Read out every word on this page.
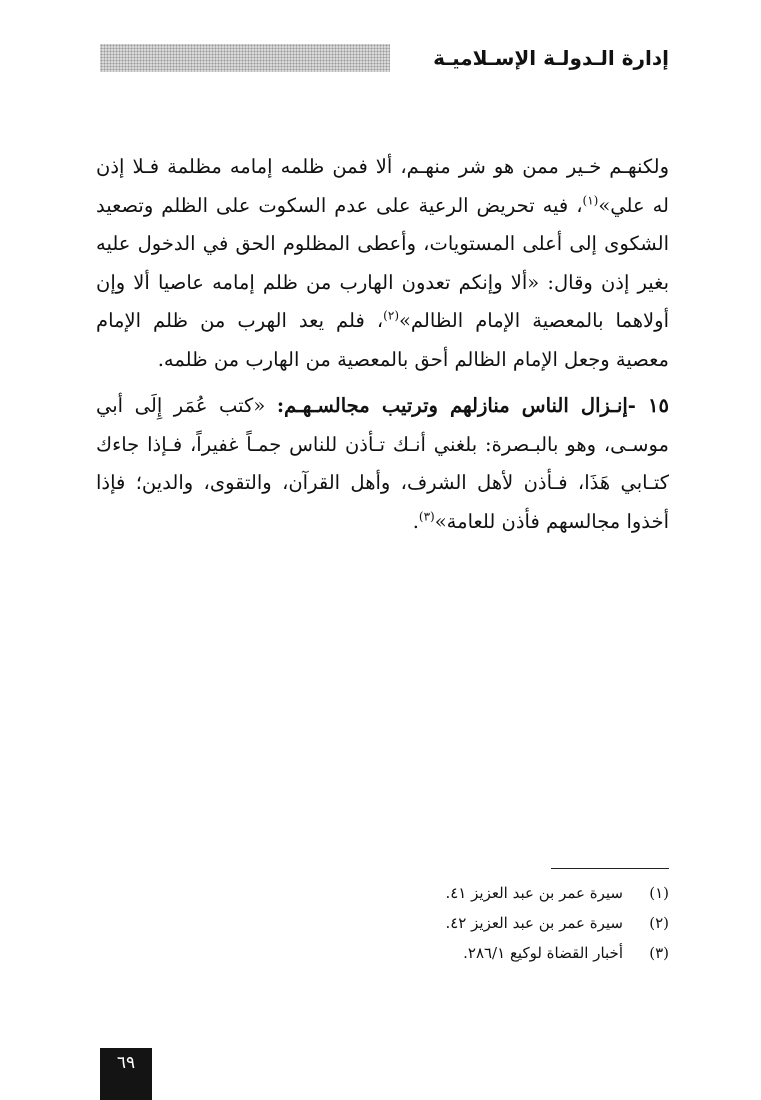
إدارة الـدولـة الإسـلاميـة

ولكنهـم خـير ممن هو شر منهـم، ألا فمن ظلمه إمامه مظلمة فـلا إذن له علي»$^{(١)}$، فيه تحريض الرعية على عدم السكوت على الظلم وتصعيد الشكوى إلى أعلى المستويات، وأعطى المظلوم الحق في الدخول عليه بغير إذن وقال: «ألا وإنكم تعدون الهارب من ظلم إمامه عاصيا ألا وإن أولاهما بالمعصية الإمام الظالم»$^{(٢)}$، فلم يعد الهرب من ظلم الإمام معصية وجعل الإمام الظالم أحق بالمعصية من الهارب من ظلمه.

١٥ -إنـزال الناس منازلهم وترتيب مجالسـهـم: «كتب عُمَر إِلَى أبي موسـى، وهو بالبـصرة: بلغني أنـك تـأذن للناس جمـاً غفيراً، فـإذا جاءك كتـابي هَذَا، فـأذن لأهل الشرف، وأهل القرآن، والتقوى، والدين؛ فإذا أخذوا مجالسهم فأذن للعامة»$^{(٣)}$.

(١)سيرة عمر بن عبد العزيز ٤١.
(٢)سيرة عمر بن عبد العزيز ٤٢.
(٣)أخبار القضاة لوكيع ٢٨٦/١.
٦٩
